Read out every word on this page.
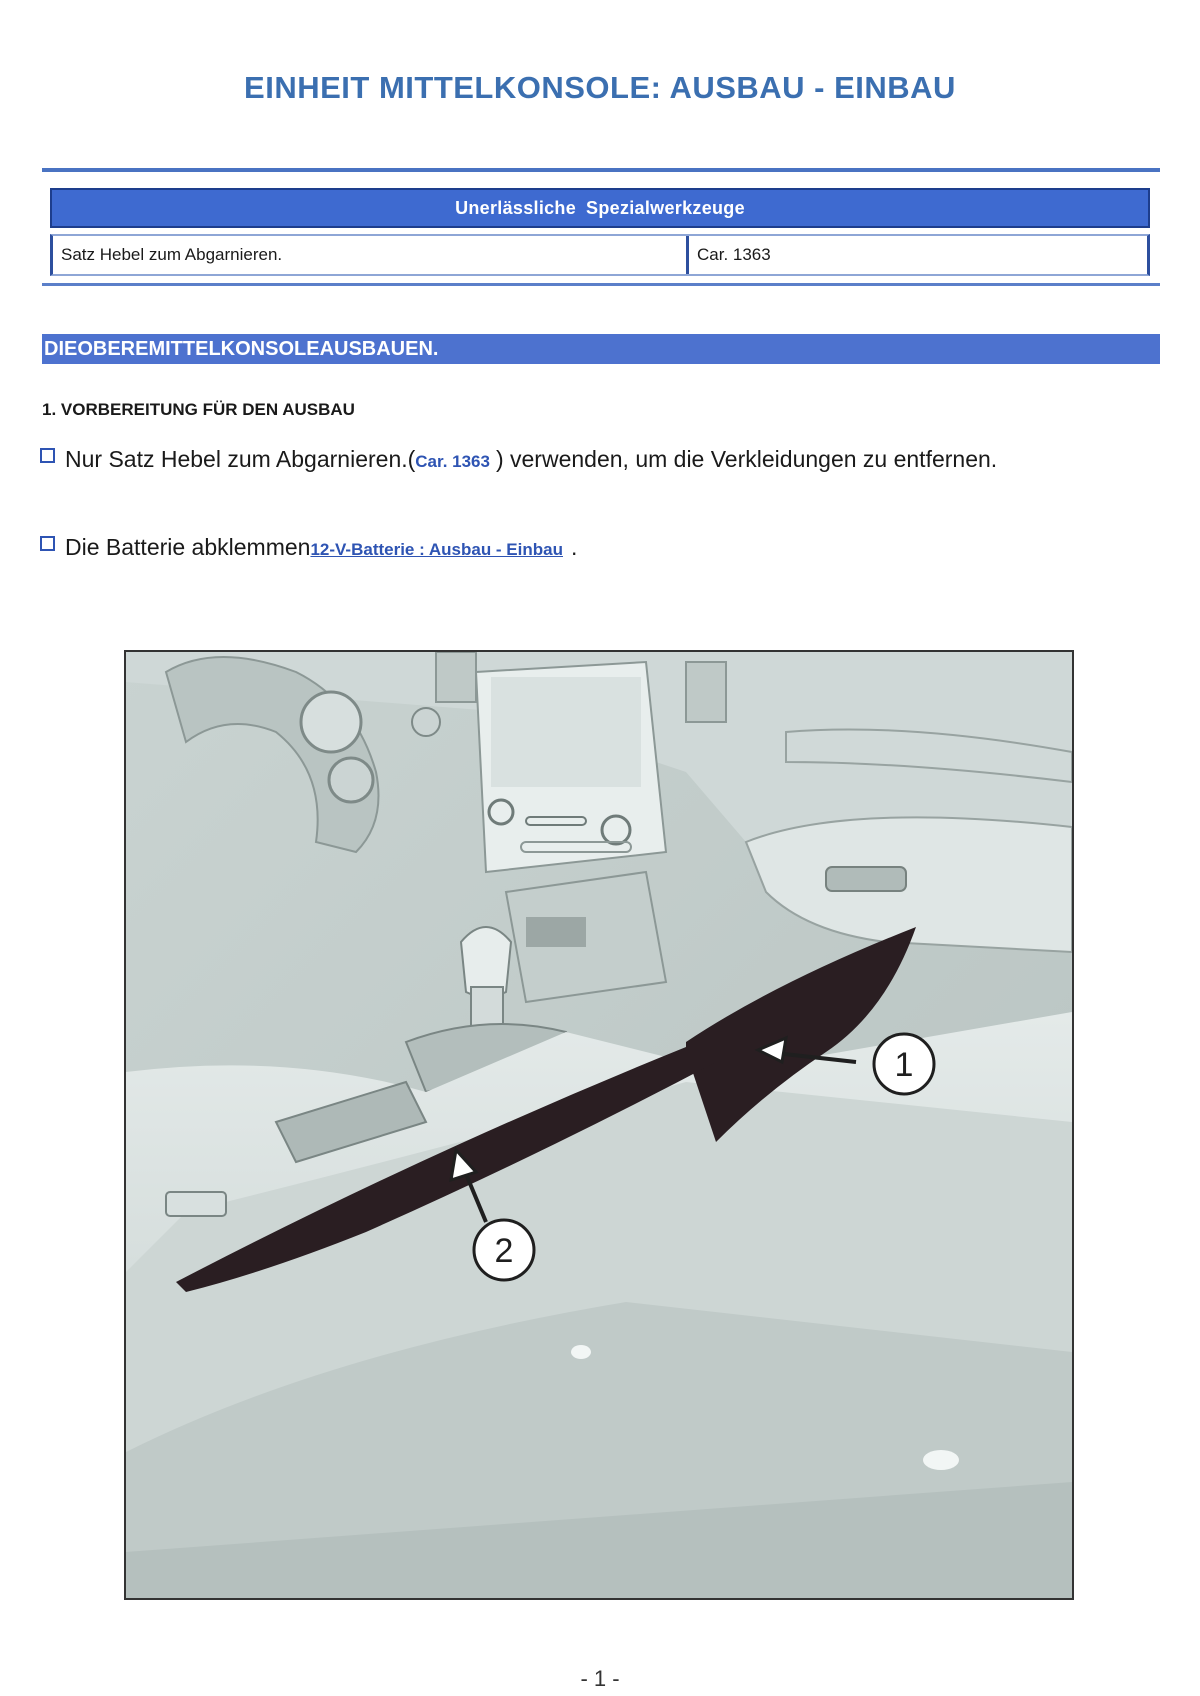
EINHEIT MITTELKONSOLE: AUSBAU - EINBAU
Unerlässliche Spezialwerkzeuge
Satz Hebel zum Abgarnieren.	Car. 1363
DIEOBEREMITTELKONSOLEAUSBAUEN.
1. VORBEREITUNG FÜR DEN AUSBAU
Nur Satz Hebel zum Abgarnieren.( Car. 1363 ) verwenden, um die Verkleidungen zu entfernen.
Die Batterie abklemmen 12-V-Batterie : Ausbau - Einbau .
1
2
- 1 -
